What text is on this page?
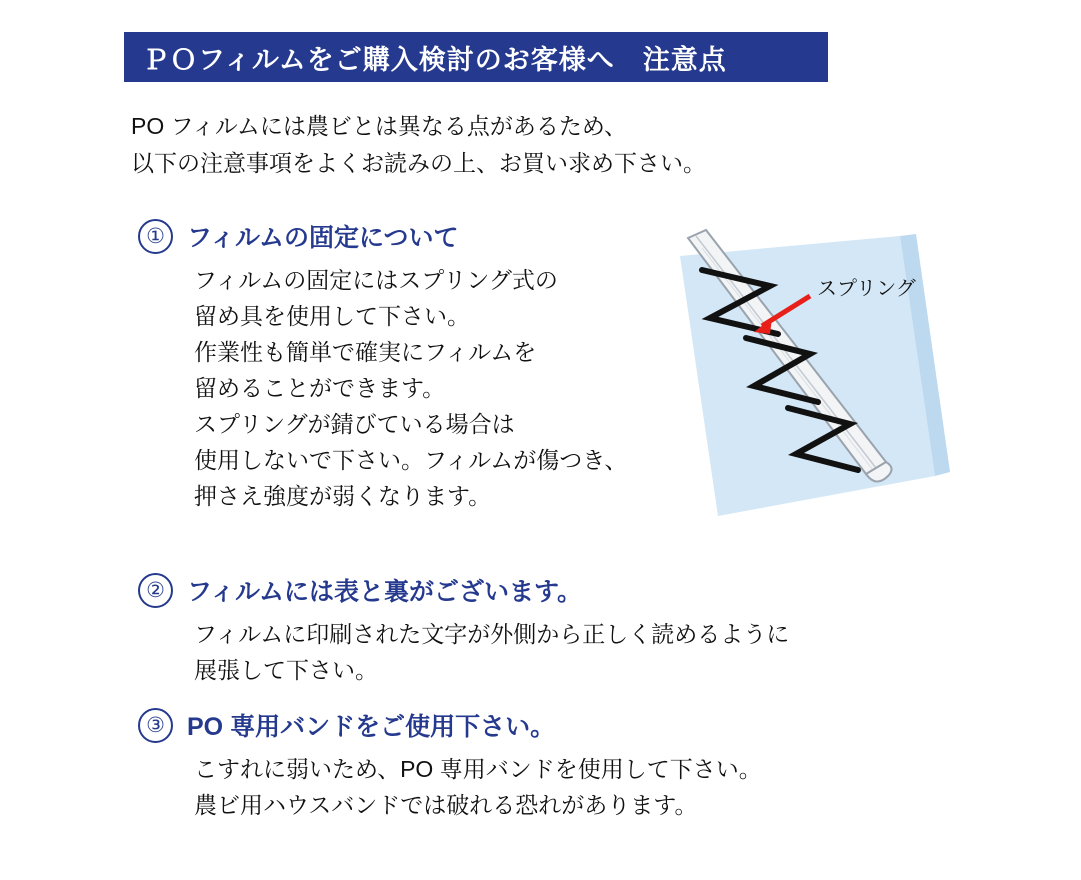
ＰＯフィルムをご購入検討のお客様へ　注意点
PO フィルムには農ビとは異なる点があるため、
以下の注意事項をよくお読みの上、お買い求め下さい。
① フィルムの固定について
フィルムの固定にはスプリング式の
留め具を使用して下さい。
作業性も簡単で確実にフィルムを
留めることができます。
スプリングが錆びている場合は
使用しないで下さい。フィルムが傷つき、
押さえ強度が弱くなります。
スプリング
② フィルムには表と裏がございます。
フィルムに印刷された文字が外側から正しく読めるように
展張して下さい。
③ PO 専用バンドをご使用下さい。
こすれに弱いため、PO 専用バンドを使用して下さい。
農ビ用ハウスバンドでは破れる恐れがあります。
